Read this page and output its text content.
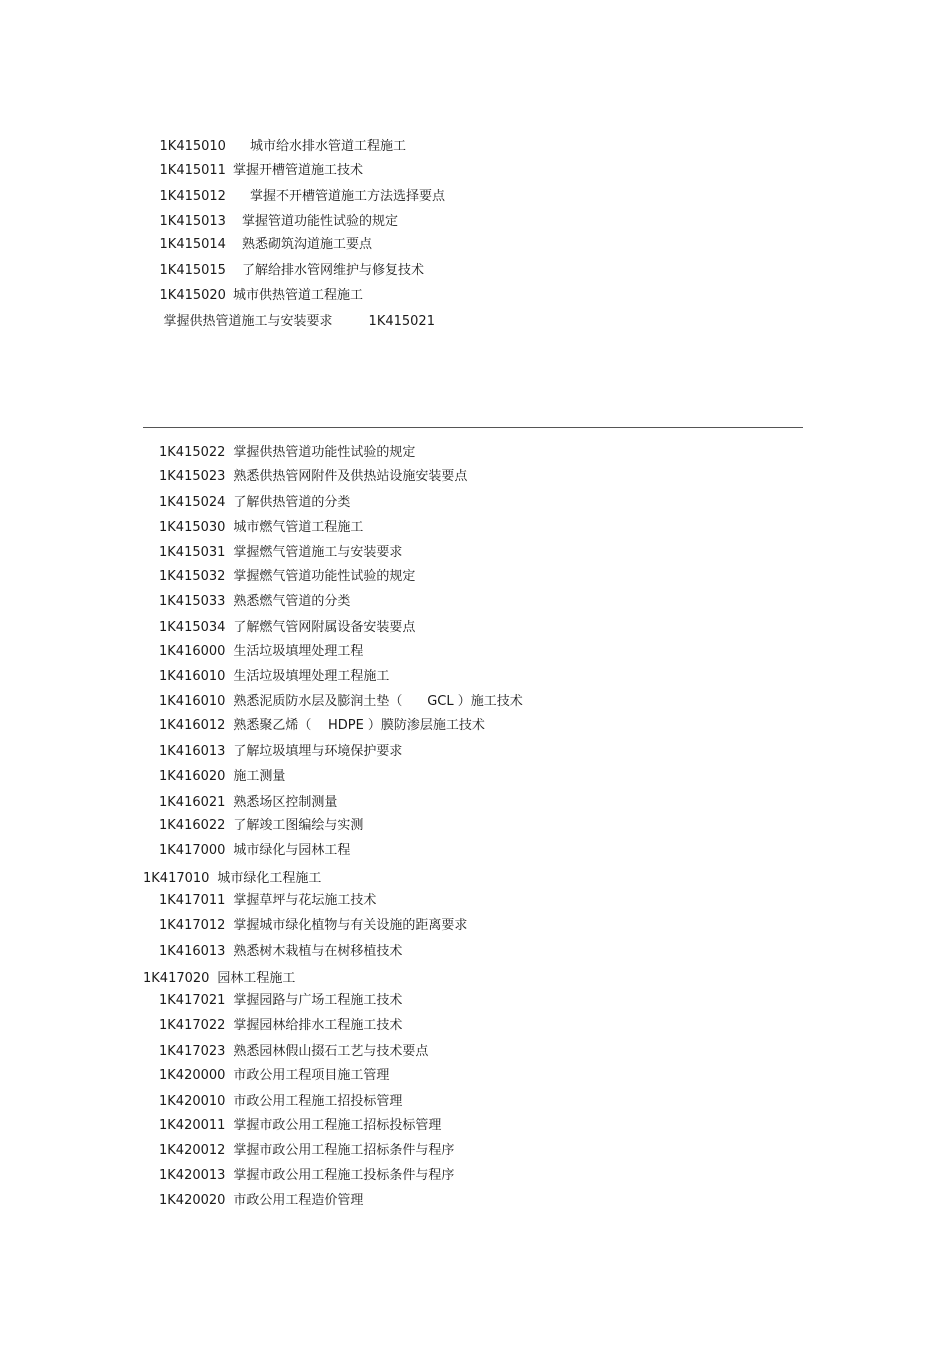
1K415010 城市给水排水管道工程施工

1K415011 掌握开槽管道施工技术

1K415012 掌握不开槽管道施工方法选择要点

1K415013 掌握管道功能性试验的规定

1K415014 熟悉砌筑沟道施工要点

1K415015 了解给排水管网维护与修复技术

1K415020 城市供热管道工程施工

掌握供热管道施工与安装要求	1K415021

1K415022 掌握供热管道功能性试验的规定

1K415023 熟悉供热管网附件及供热站设施安装要点

1K415024 了解供热管道的分类

1K415030 城市燃气管道工程施工

1K415031 掌握燃气管道施工与安装要求

1K415032 掌握燃气管道功能性试验的规定

1K415033 熟悉燃气管道的分类

1K415034 了解燃气管网附属设备安装要点

1K416000 生活垃圾填埋处理工程

1K416010 生活垃圾填埋处理工程施工

1K416010 熟悉泥质防水层及膨润土垫（      GCL ）施工技术

1K416012 熟悉聚乙烯（    HDPE ）膜防渗层施工技术

1K416013 了解垃圾填埋与环境保护要求

1K416020 施工测量

1K416021 熟悉场区控制测量

1K416022 了解竣工图编绘与实测

1K417000 城市绿化与园林工程

1K417010 城市绿化工程施工

1K417011 掌握草坪与花坛施工技术

1K417012 掌握城市绿化植物与有关设施的距离要求

1K416013 熟悉树木栽植与在树移植技术

1K417020 园林工程施工

1K417021 掌握园路与广场工程施工技术

1K417022 掌握园林给排水工程施工技术

1K417023 熟悉园林假山掇石工艺与技术要点

1K420000 市政公用工程项目施工管理

1K420010 市政公用工程施工招投标管理

1K420011 掌握市政公用工程施工招标投标管理

1K420012 掌握市政公用工程施工招标条件与程序

1K420013 掌握市政公用工程施工投标条件与程序

1K420020 市政公用工程造价管理
